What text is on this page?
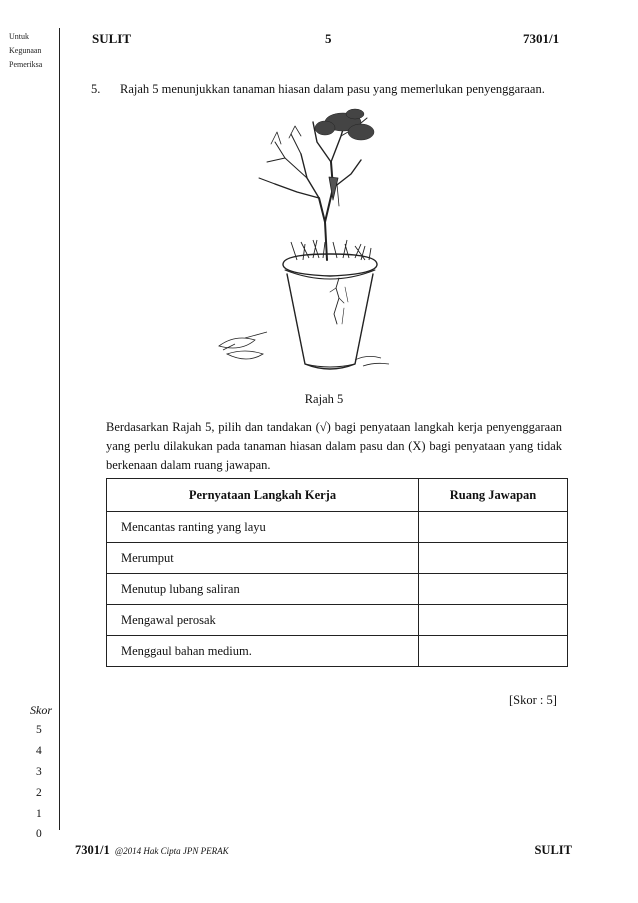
Untuk
Kegunaan
Pemeriksa
SULIT	5	7301/1
5. Rajah 5 menunjukkan tanaman hiasan dalam pasu yang memerlukan penyenggaraan.
Rajah 5
Berdasarkan Rajah 5, pilih dan tandakan (√) bagi penyataan langkah kerja penyenggaraan yang perlu dilakukan pada tanaman hiasan dalam pasu dan (X) bagi penyataan yang tidak berkenaan dalam ruang jawapan.
Pernyataan Langkah Kerja	Ruang Jawapan
Mencantas ranting yang layu	
Merumput	
Menutup lubang saliran	
Mengawal perosak	
Menggaul bahan medium.	
[Skor : 5]
Skor
5
4
3
2
1
0
7301/1 @2014 Hak Cipta JPN PERAK	SULIT
